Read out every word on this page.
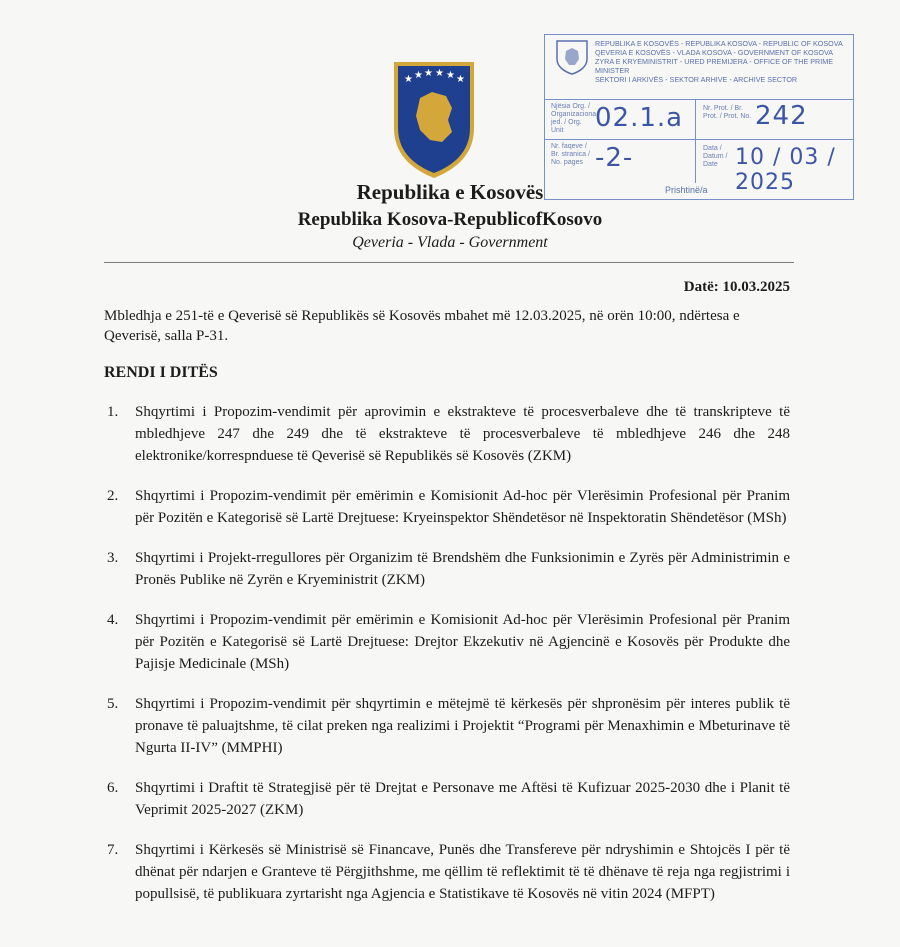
★ ★ ★ ★ ★ ★
Republika e Kosovës
Republika Kosova-RepublicofKosovo
Qeveria - Vlada - Government
REPUBLIKA E KOSOVËS - REPUBLIKA KOSOVA - REPUBLIC OF KOSOVA
QEVERIA E KOSOVËS - VLADA KOSOVA - GOVERNMENT OF KOSOVA
ZYRA E KRYEMINISTRIT - URED PREMIJERA - OFFICE OF THE PRIME MINISTER
SEKTORI I ARKIVËS - SEKTOR ARHIVE - ARCHIVE SECTOR
Njësia Org. / Organizaciona jed. / Org. Unit	02.1.a	Nr. Prot. / Br. Prot. / Prot. No. 242
Nr. faqeve / Br. stranica / No. pages -2-	Data / Datum / Date 10 / 03 / 2025
Prishtinë/a
Datë: 10.03.2025
Mbledhja e 251-të e Qeverisë së Republikës së Kosovës mbahet më 12.03.2025, në orën 10:00, ndërtesa e Qeverisë, salla P-31.
RENDI I DITËS
1.	Shqyrtimi i Propozim-vendimit për aprovimin e ekstrakteve të procesverbaleve dhe të transkripteve të mbledhjeve 247 dhe 249 dhe të ekstrakteve të procesverbaleve të mbledhjeve 246 dhe 248 elektronike/korrespnduese të Qeverisë së Republikës së Kosovës (ZKM)
2.	Shqyrtimi i Propozim-vendimit për emërimin e Komisionit Ad-hoc për Vlerësimin Profesional për Pranim për Pozitën e Kategorisë së Lartë Drejtuese: Kryeinspektor Shëndetësor në Inspektoratin Shëndetësor (MSh)
3.	Shqyrtimi i Projekt-rregullores për Organizim të Brendshëm dhe Funksionimin e Zyrës për Administrimin e Pronës Publike në Zyrën e Kryeministrit (ZKM)
4.	Shqyrtimi i Propozim-vendimit për emërimin e Komisionit Ad-hoc për Vlerësimin Profesional për Pranim për Pozitën e Kategorisë së Lartë Drejtuese: Drejtor Ekzekutiv në Agjencinë e Kosovës për Produkte dhe Pajisje Medicinale (MSh)
5.	Shqyrtimi i Propozim-vendimit për shqyrtimin e mëtejmë të kërkesës për shpronësim për interes publik të pronave të paluajtshme, të cilat preken nga realizimi i Projektit “Programi për Menaxhimin e Mbeturinave të Ngurta II-IV” (MMPHI)
6.	Shqyrtimi i Draftit të Strategjisë për të Drejtat e Personave me Aftësi të Kufizuar 2025-2030 dhe i Planit të Veprimit 2025-2027 (ZKM)
7.	Shqyrtimi i Kërkesës së Ministrisë së Financave, Punës dhe Transfereve për ndryshimin e Shtojcës I për të dhënat për ndarjen e Granteve të Përgjithshme, me qëllim të reflektimit të të dhënave të reja nga regjistrimi i popullsisë, të publikuara zyrtarisht nga Agjencia e Statistikave të Kosovës në vitin 2024 (MFPT)
